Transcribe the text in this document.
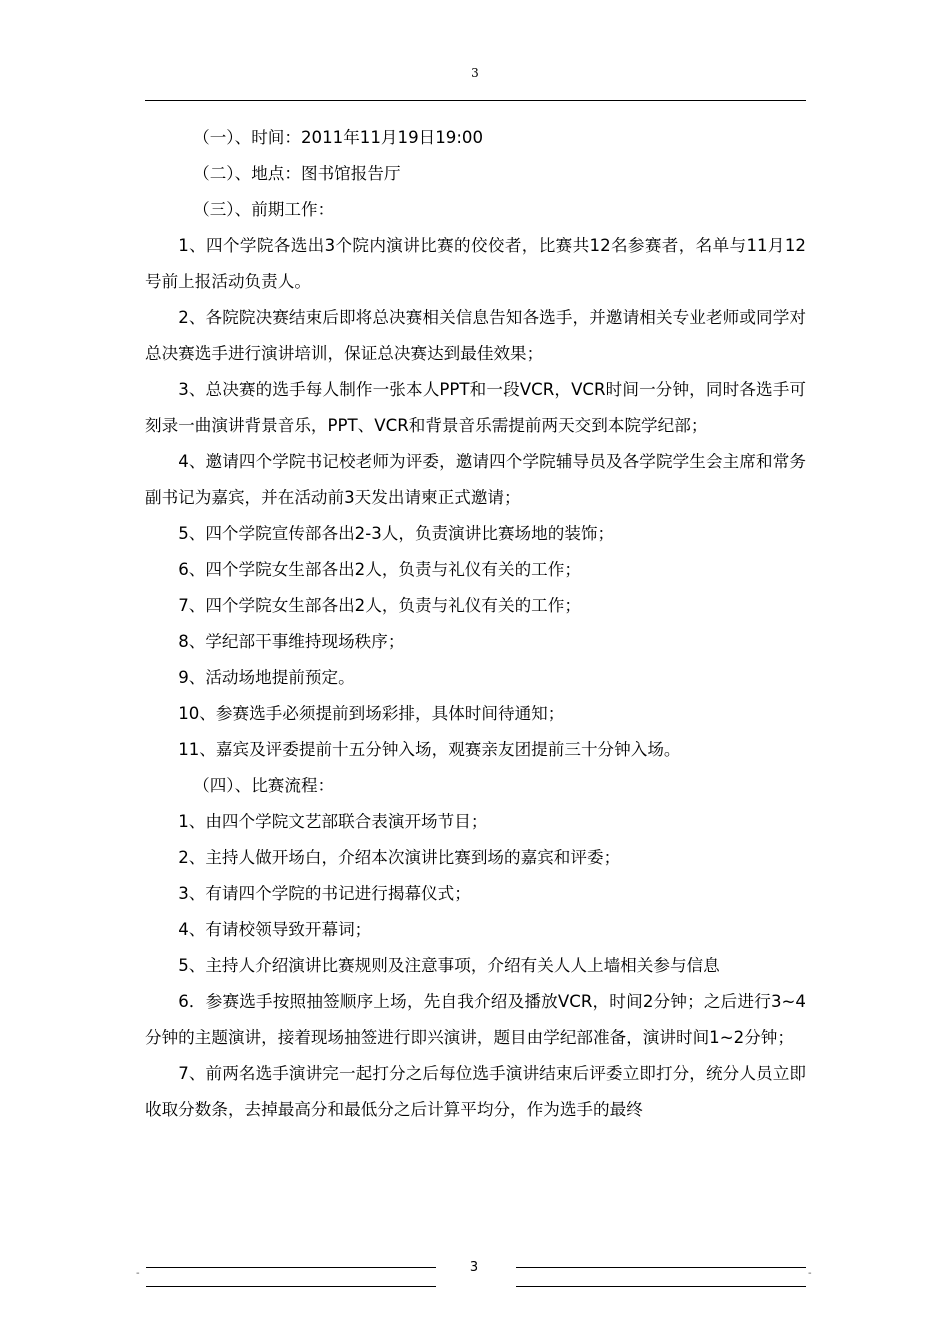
3

（一）、时间：2011年11月19日19:00

（二）、地点：图书馆报告厅

（三）、前期工作：

1、四个学院各选出3个院内演讲比赛的佼佼者，比赛共12名参赛者，名单与11月12号前上报活动负责人。

2、各院院决赛结束后即将总决赛相关信息告知各选手，并邀请相关专业老师或同学对总决赛选手进行演讲培训，保证总决赛达到最佳效果；

3、总决赛的选手每人制作一张本人PPT和一段VCR，VCR时间一分钟，同时各选手可刻录一曲演讲背景音乐，PPT、VCR和背景音乐需提前两天交到本院学纪部；

4、邀请四个学院书记校老师为评委，邀请四个学院辅导员及各学院学生会主席和常务副书记为嘉宾，并在活动前3天发出请柬正式邀请；

5、四个学院宣传部各出2-3人，负责演讲比赛场地的装饰；

6、四个学院女生部各出2人，负责与礼仪有关的工作；

7、四个学院女生部各出2人，负责与礼仪有关的工作；

8、学纪部干事维持现场秩序；

9、活动场地提前预定。

10、参赛选手必须提前到场彩排，具体时间待通知；

11、嘉宾及评委提前十五分钟入场，观赛亲友团提前三十分钟入场。

（四）、比赛流程：

1、由四个学院文艺部联合表演开场节目；

2、主持人做开场白，介绍本次演讲比赛到场的嘉宾和评委；

3、有请四个学院的书记进行揭幕仪式；

4、有请校领导致开幕词；

5、主持人介绍演讲比赛规则及注意事项，介绍有关人人上墙相关参与信息

6．参赛选手按照抽签顺序上场，先自我介绍及播放VCR，时间2分钟；之后进行3~4分钟的主题演讲，接着现场抽签进行即兴演讲，题目由学纪部准备，演讲时间1~2分钟；

7、前两名选手演讲完一起打分之后每位选手演讲结束后评委立即打分，统分人员立即收取分数条，去掉最高分和最低分之后计算平均分，作为选手的最终

-	3	-
